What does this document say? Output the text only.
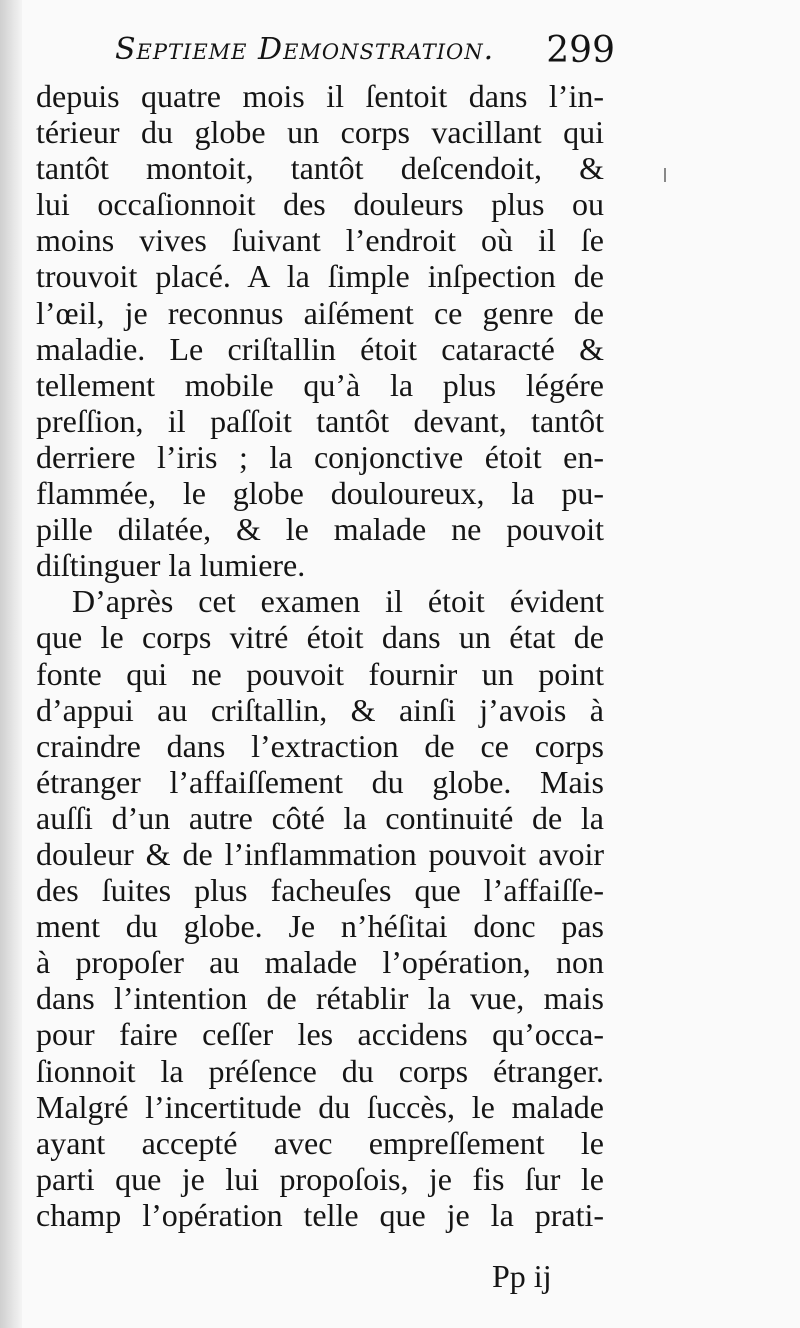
Septieme Demonstration. 299
depuis quatre mois il ſentoit dans l’in-
térieur du globe un corps vacillant qui
tantôt montoit, tantôt deſcendoit, &
lui occaſionnoit des douleurs plus ou
moins vives ſuivant l’endroit où il ſe
trouvoit placé. A la ſimple inſpection de
l’œil, je reconnus aiſément ce genre de
maladie. Le criſtallin étoit cataracté &
tellement mobile qu’à la plus légére
preſſion, il paſſoit tantôt devant, tantôt
derriere l’iris ; la conjonctive étoit en-
flammée, le globe douloureux, la pu-
pille dilatée, & le malade ne pouvoit
diſtinguer la lumiere.
D’après cet examen il étoit évident
que le corps vitré étoit dans un état de
fonte qui ne pouvoit fournir un point
d’appui au criſtallin, & ainſi j’avois à
craindre dans l’extraction de ce corps
étranger l’affaiſſement du globe. Mais
auſſi d’un autre côté la continuité de la
douleur & de l’inflammation pouvoit avoir
des ſuites plus facheuſes que l’affaiſſe-
ment du globe. Je n’héſitai donc pas
à propoſer au malade l’opération, non
dans l’intention de rétablir la vue, mais
pour faire ceſſer les accidens qu’occa-
ſionnoit la préſence du corps étranger.
Malgré l’incertitude du ſuccès, le malade
ayant accepté avec empreſſement le
parti que je lui propoſois, je fis ſur le
champ l’opération telle que je la prati-
Pp ij
